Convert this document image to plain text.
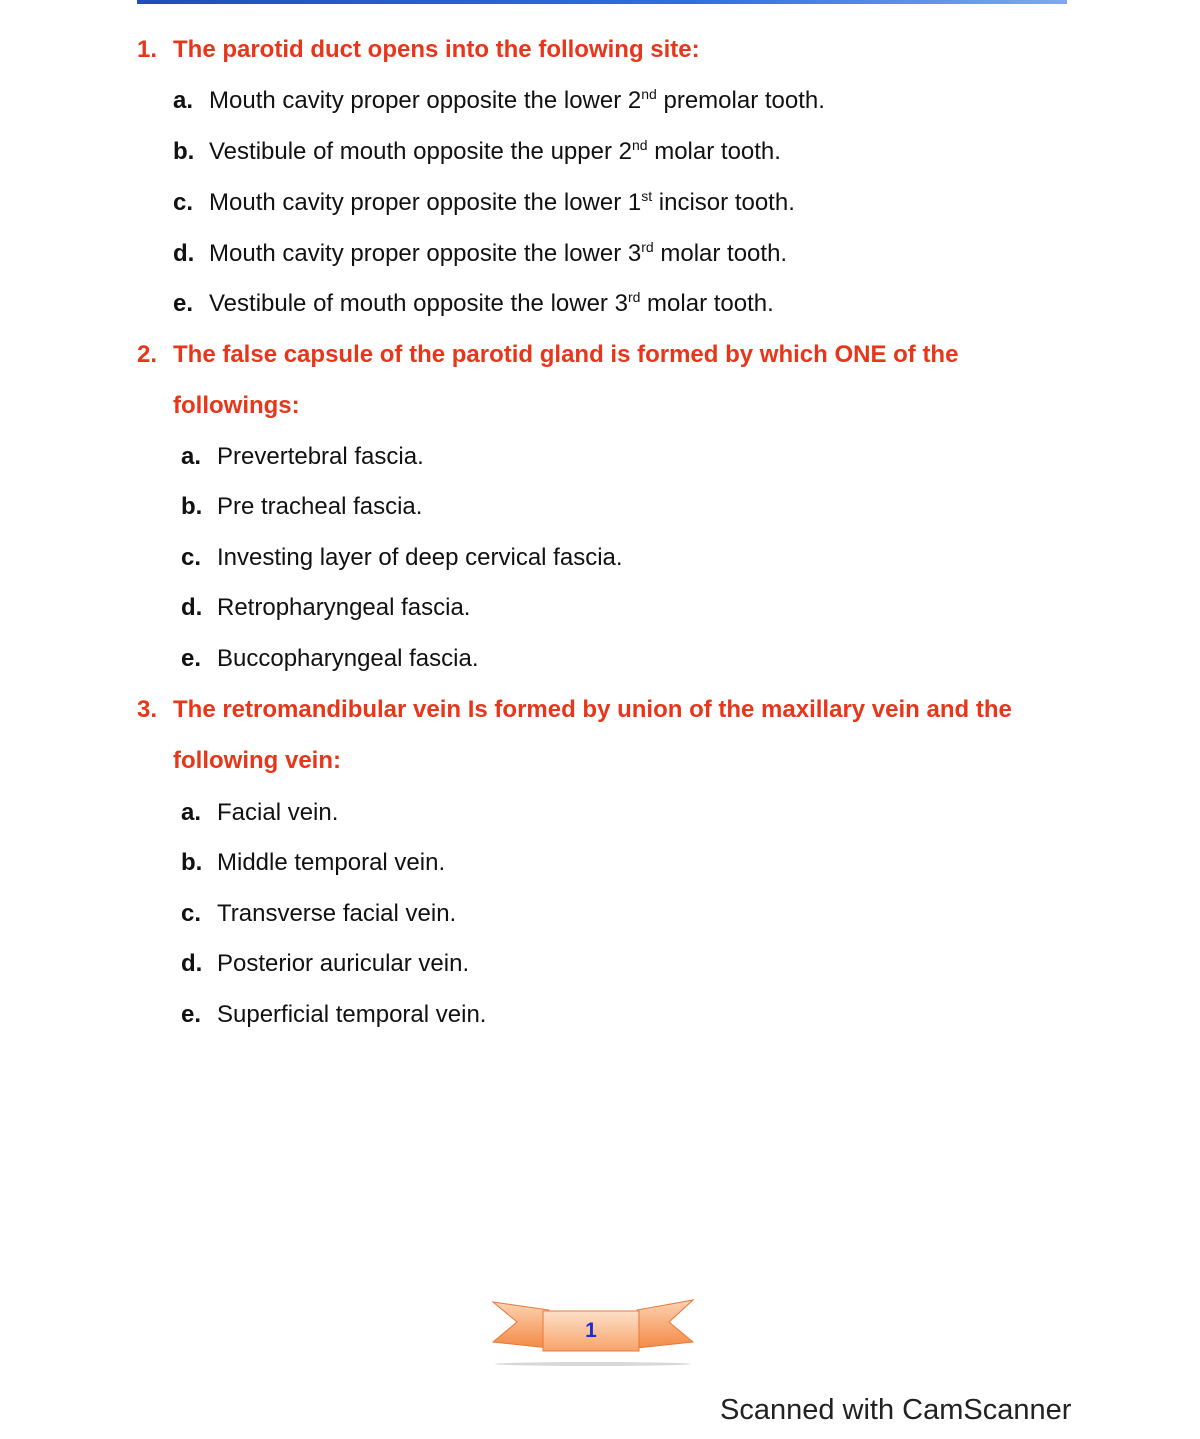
1. The parotid duct opens into the following site:
a. Mouth cavity proper opposite the lower 2nd premolar tooth.
b. Vestibule of mouth opposite the upper 2nd molar tooth.
c. Mouth cavity proper opposite the lower 1st incisor tooth.
d. Mouth cavity proper opposite the lower 3rd molar tooth.
e. Vestibule of mouth opposite the lower 3rd molar tooth.
2. The false capsule of the parotid gland is formed by which ONE of the
followings:
a. Prevertebral fascia.
b. Pre tracheal fascia.
c. Investing layer of deep cervical fascia.
d. Retropharyngeal fascia.
e. Buccopharyngeal fascia.
3. The retromandibular vein Is formed by union of the maxillary vein and the
following vein:
a. Facial vein.
b. Middle temporal vein.
c. Transverse facial vein.
d. Posterior auricular vein.
e. Superficial temporal vein.
1
Scanned with CamScanner
